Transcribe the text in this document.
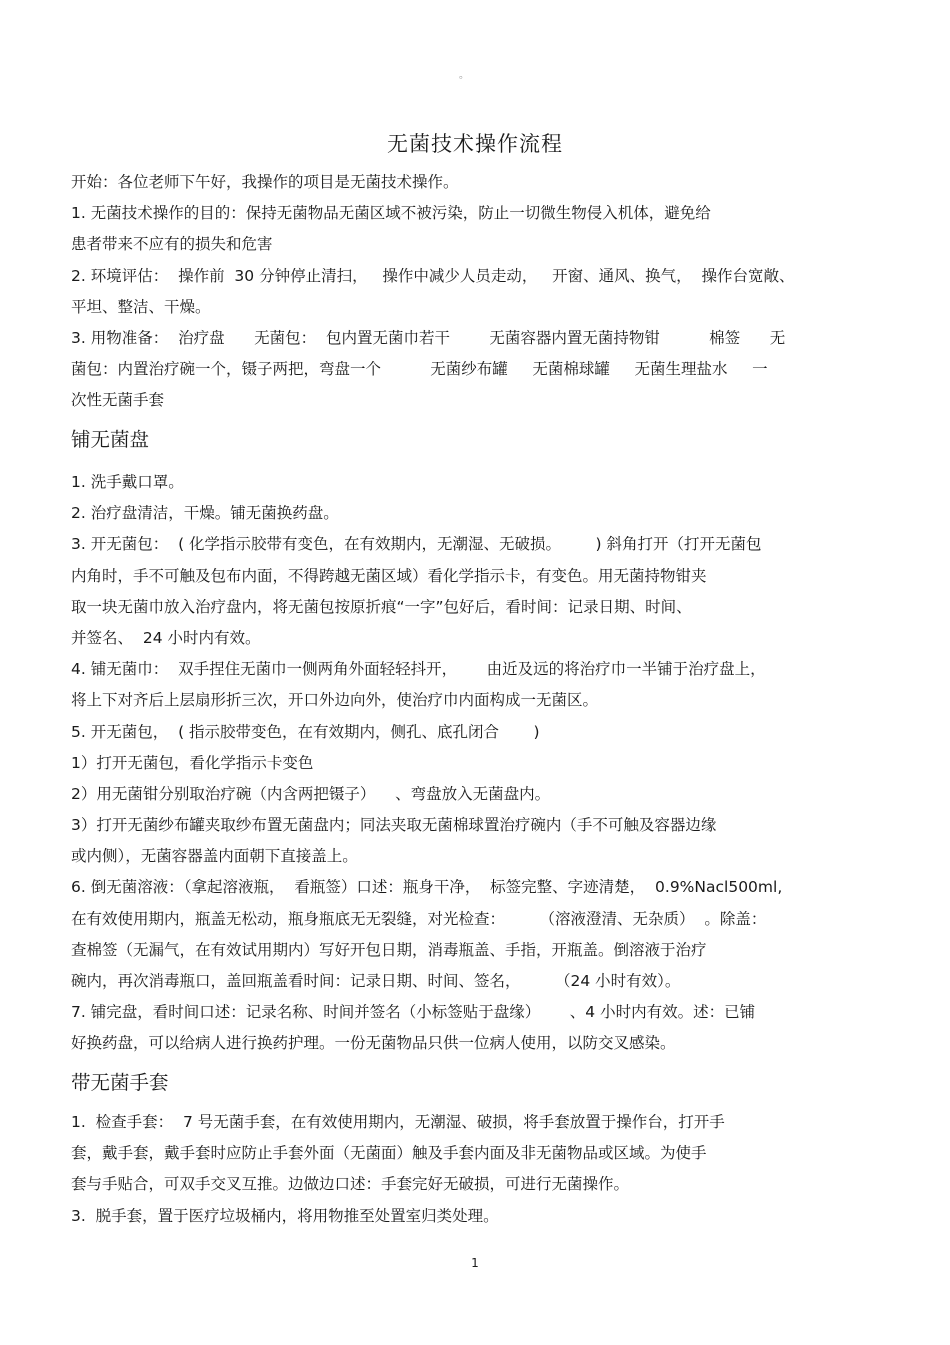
。
无菌技术操作流程
开始：各位老师下午好，我操作的项目是无菌技术操作。
1. 无菌技术操作的目的：保持无菌物品无菌区域不被污染，防止一切微生物侵入机体，避免给
患者带来不应有的损失和危害
2. 环境评估：  操作前  30 分钟停止清扫，   操作中减少人员走动，   开窗、通风、换气，  操作台宽敞、
平坦、整洁、干燥。
3. 用物准备：  治疗盘      无菌包：  包内置无菌巾若干        无菌容器内置无菌持物钳          棉签      无
菌包：内置治疗碗一个，镊子两把，弯盘一个          无菌纱布罐     无菌棉球罐     无菌生理盐水     一
次性无菌手套
铺无菌盘
1. 洗手戴口罩。
2. 治疗盘清洁，干燥。铺无菌换药盘。
3. 开无菌包：  ( 化学指示胶带有变色，在有效期内，无潮湿、无破损。       ) 斜角打开（打开无菌包
内角时，手不可触及包布内面，不得跨越无菌区域）看化学指示卡，有变色。用无菌持物钳夹
取一块无菌巾放入治疗盘内，将无菌包按原折痕“一字”包好后，看时间：记录日期、时间、
并签名、  24 小时内有效。
4. 铺无菌巾：  双手捏住无菌巾一侧两角外面轻轻抖开，      由近及远的将治疗巾一半铺于治疗盘上，
将上下对齐后上层扇形折三次，开口外边向外，使治疗巾内面构成一无菌区。
5. 开无菌包，  ( 指示胶带变色，在有效期内，侧孔、底孔闭合       )
1）打开无菌包，看化学指示卡变色
2）用无菌钳分别取治疗碗（内含两把镊子）    、弯盘放入无菌盘内。
3）打开无菌纱布罐夹取纱布置无菌盘内；同法夹取无菌棉球置治疗碗内（手不可触及容器边缘
或内侧），无菌容器盖内面朝下直接盖上。
6. 倒无菌溶液：（拿起溶液瓶，  看瓶签）口述：瓶身干净，  标签完整、字迹清楚，  0.9%Nacl500ml,
在有效使用期内，瓶盖无松动，瓶身瓶底无无裂缝，对光检查：       （溶液澄清、无杂质）  。除盖：
查棉签（无漏气，在有效试用期内）写好开包日期，消毒瓶盖、手指，开瓶盖。倒溶液于治疗
碗内，再次消毒瓶口，盖回瓶盖看时间：记录日期、时间、签名，       （24 小时有效）。
7. 铺完盘，看时间口述：记录名称、时间并签名（小标签贴于盘缘）      、4 小时内有效。述：已铺
好换药盘，可以给病人进行换药护理。一份无菌物品只供一位病人使用，以防交叉感染。
带无菌手套
1.  检查手套：  7 号无菌手套，在有效使用期内，无潮湿、破损，将手套放置于操作台，打开手
套，戴手套，戴手套时应防止手套外面（无菌面）触及手套内面及非无菌物品或区域。为使手
套与手贴合，可双手交叉互推。边做边口述：手套完好无破损，可进行无菌操作。
3.  脱手套，置于医疗垃圾桶内，将用物推至处置室归类处理。
1
